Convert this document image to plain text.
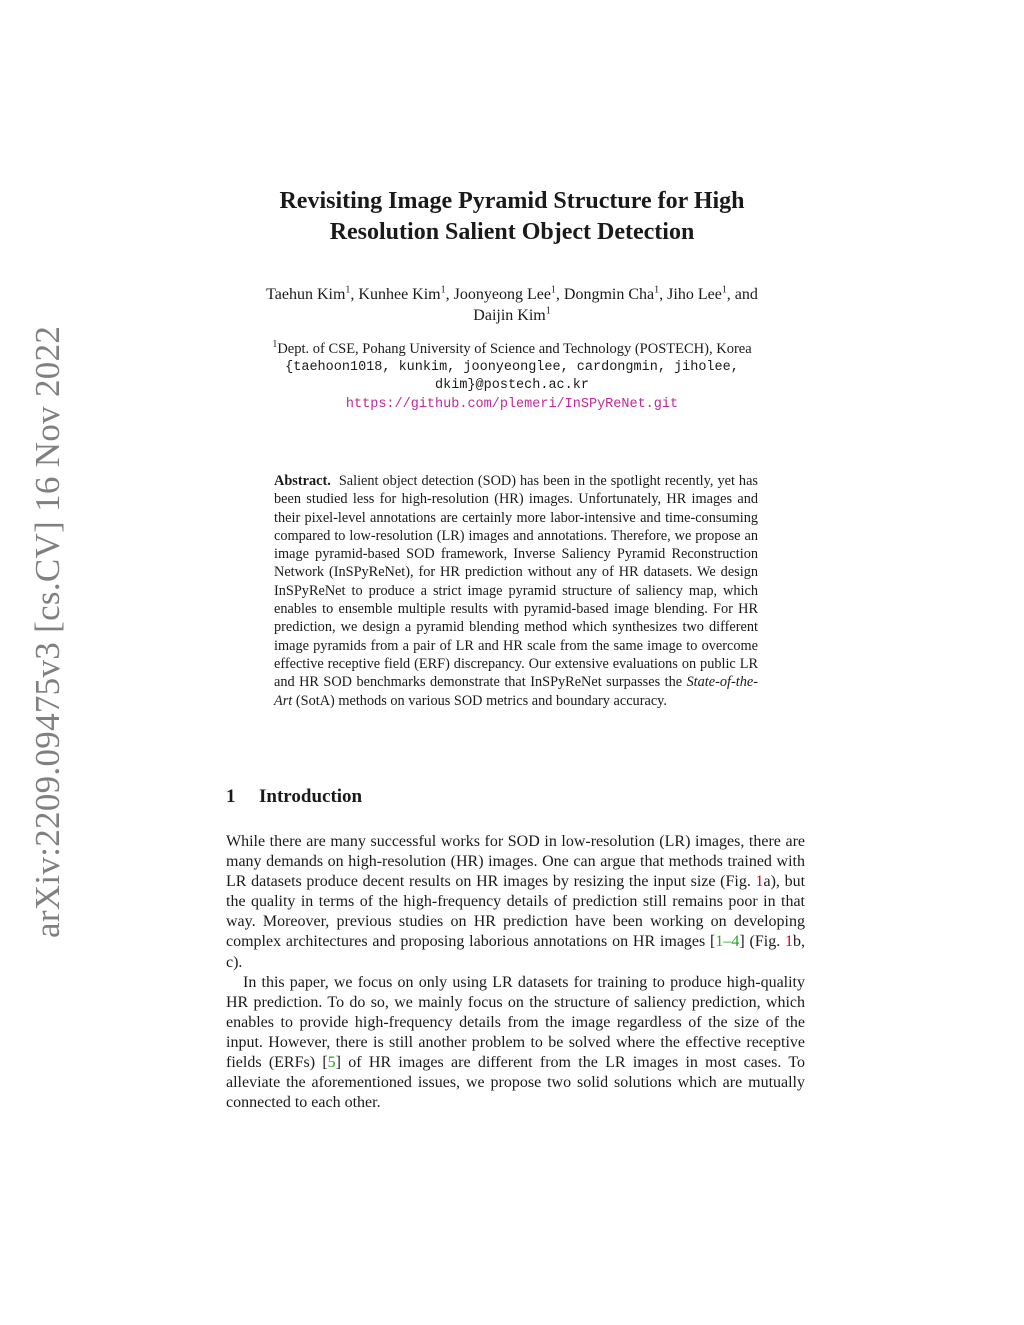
arXiv:2209.09475v3 [cs.CV] 16 Nov 2022
Revisiting Image Pyramid Structure for High
Resolution Salient Object Detection
Taehun Kim$^1$, Kunhee Kim$^1$, Joonyeong Lee$^1$, Dongmin Cha$^1$, Jiho Lee$^1$, and
Daijin Kim$^1$
$^1$Dept. of CSE, Pohang University of Science and Technology (POSTECH), Korea
{taehoon1018, kunkim, joonyeonglee, cardongmin, jiholee,
dkim}@postech.ac.kr
https://github.com/plemeri/InSPyReNet.git
Abstract. Salient object detection (SOD) has been in the spotlight recently, yet has been studied less for high-resolution (HR) images. Unfortunately, HR images and their pixel-level annotations are certainly more labor-intensive and time-consuming compared to low-resolution (LR) images and annotations. Therefore, we propose an image pyramid-based SOD framework, Inverse Saliency Pyramid Reconstruction Network (InSPyReNet), for HR prediction without any of HR datasets. We design InSPyReNet to produce a strict image pyramid structure of saliency map, which enables to ensemble multiple results with pyramid-based image blending. For HR prediction, we design a pyramid blending method which synthesizes two different image pyramids from a pair of LR and HR scale from the same image to overcome effective receptive field (ERF) discrepancy. Our extensive evaluations on public LR and HR SOD benchmarks demonstrate that InSPyReNet surpasses the State-of-the-Art (SotA) methods on various SOD metrics and boundary accuracy.
1 Introduction

While there are many successful works for SOD in low-resolution (LR) images, there are many demands on high-resolution (HR) images. One can argue that methods trained with LR datasets produce decent results on HR images by resizing the input size (Fig. 1a), but the quality in terms of the high-frequency details of prediction still remains poor in that way. Moreover, previous studies on HR prediction have been working on developing complex architectures and proposing laborious annotations on HR images [1–4] (Fig. 1b, c).

In this paper, we focus on only using LR datasets for training to produce high-quality HR prediction. To do so, we mainly focus on the structure of saliency prediction, which enables to provide high-frequency details from the image regardless of the size of the input. However, there is still another problem to be solved where the effective receptive fields (ERFs) [5] of HR images are different from the LR images in most cases. To alleviate the aforementioned issues, we propose two solid solutions which are mutually connected to each other.
